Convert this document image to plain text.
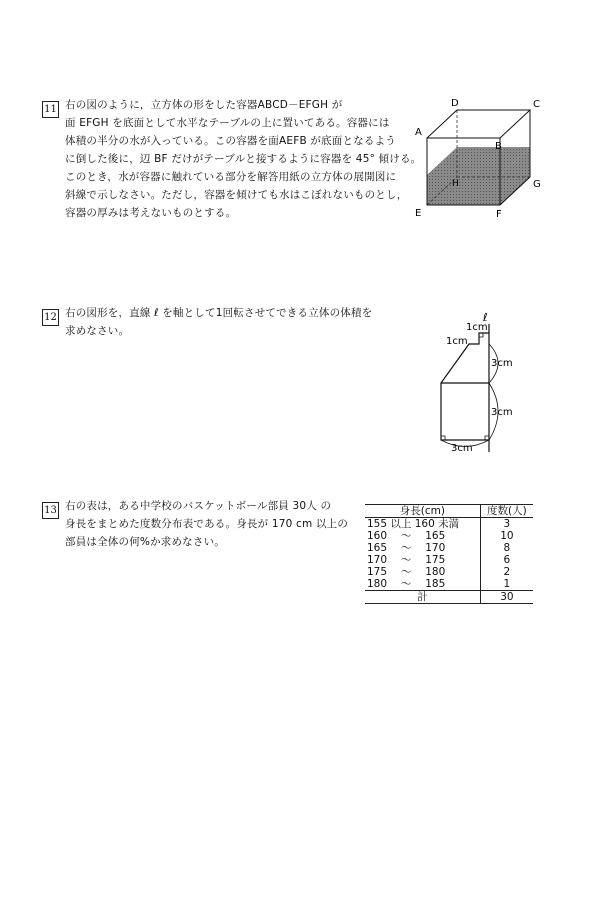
11 右の図のように，立方体の形をした容器ABCD－EFGH が
面 EFGH を底面として水平なテーブルの上に置いてある。容器には
体積の半分の水が入っている。この容器を面AEFB が底面となるよう
に倒した後に，辺 BF だけがテーブルと接するように容器を 45° 傾ける。
このとき，水が容器に触れている部分を解答用紙の立方体の展開図に
斜線で示しなさい。ただし，容器を傾けても水はこぼれないものとし，
容器の厚みは考えないものとする。
D	C
A
B
H	G
E	F
12 右の図形を，直線 ℓ を軸として1回転させてできる立体の体積を
求めなさい。
ℓ
1cm
1cm
3cm
3cm
3cm
13 右の表は，ある中学校のバスケットボール部員 30人 の
身長をまとめた度数分布表である。身長が 170 cm 以上の
部員は全体の何%か求めなさい。
身長(cm)	度数(人)
155 以上 160 未満	3
160 　～　 165	10
165 　～　 170	8
170 　～　 175	6
175 　～　 180	2
180 　～　 185	1
計	30
